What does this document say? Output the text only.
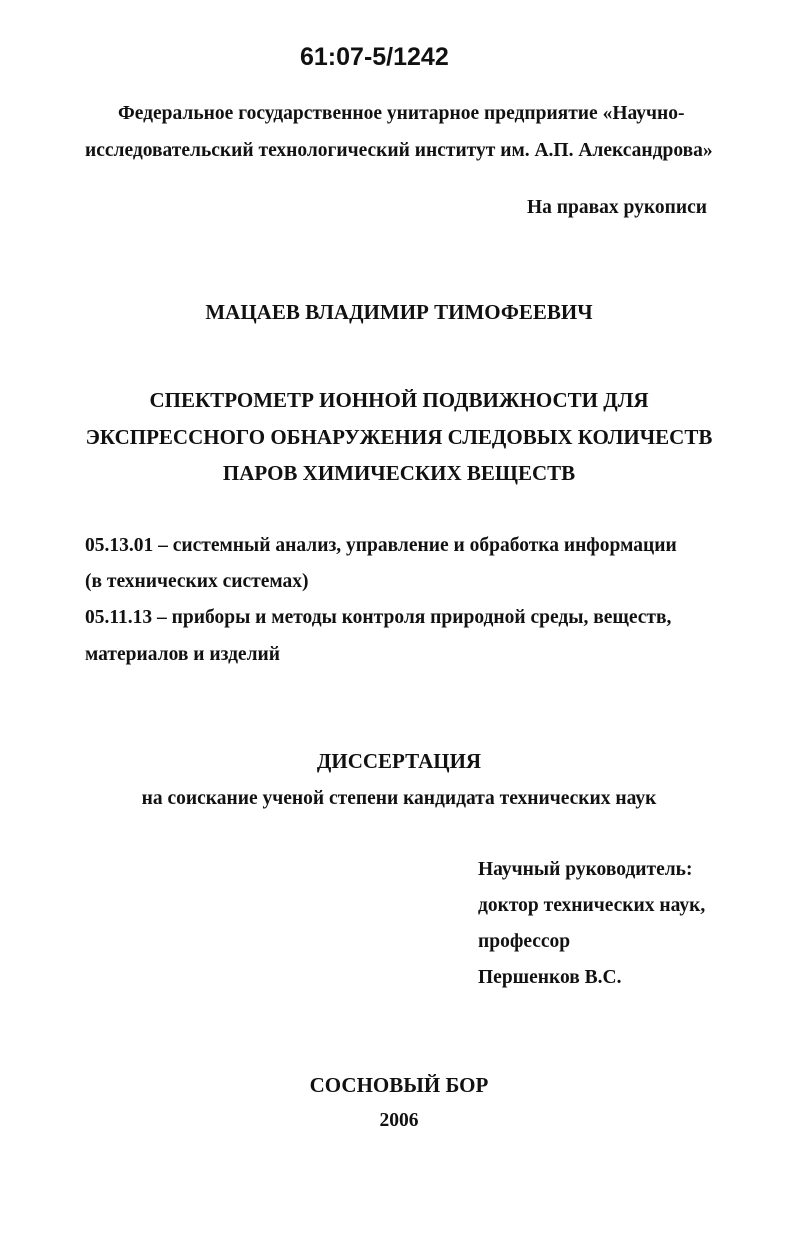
61:07-5/1242
Федеральное государственное унитарное предприятие «Научно-
исследовательский технологический институт им. А.П. Александрова»
На правах рукописи
МАЦАЕВ ВЛАДИМИР ТИМОФЕЕВИЧ
СПЕКТРОМЕТР ИОННОЙ ПОДВИЖНОСТИ ДЛЯ
ЭКСПРЕССНОГО ОБНАРУЖЕНИЯ СЛЕДОВЫХ КОЛИЧЕСТВ
ПАРОВ ХИМИЧЕСКИХ ВЕЩЕСТВ
05.13.01 – системный анализ, управление и обработка информации
(в технических системах)
05.11.13 – приборы и методы контроля природной среды, веществ,
материалов и изделий
ДИССЕРТАЦИЯ
на соискание ученой степени кандидата технических наук
Научный руководитель:
доктор технических наук,
профессор
Першенков В.С.
СОСНОВЫЙ БОР
2006
